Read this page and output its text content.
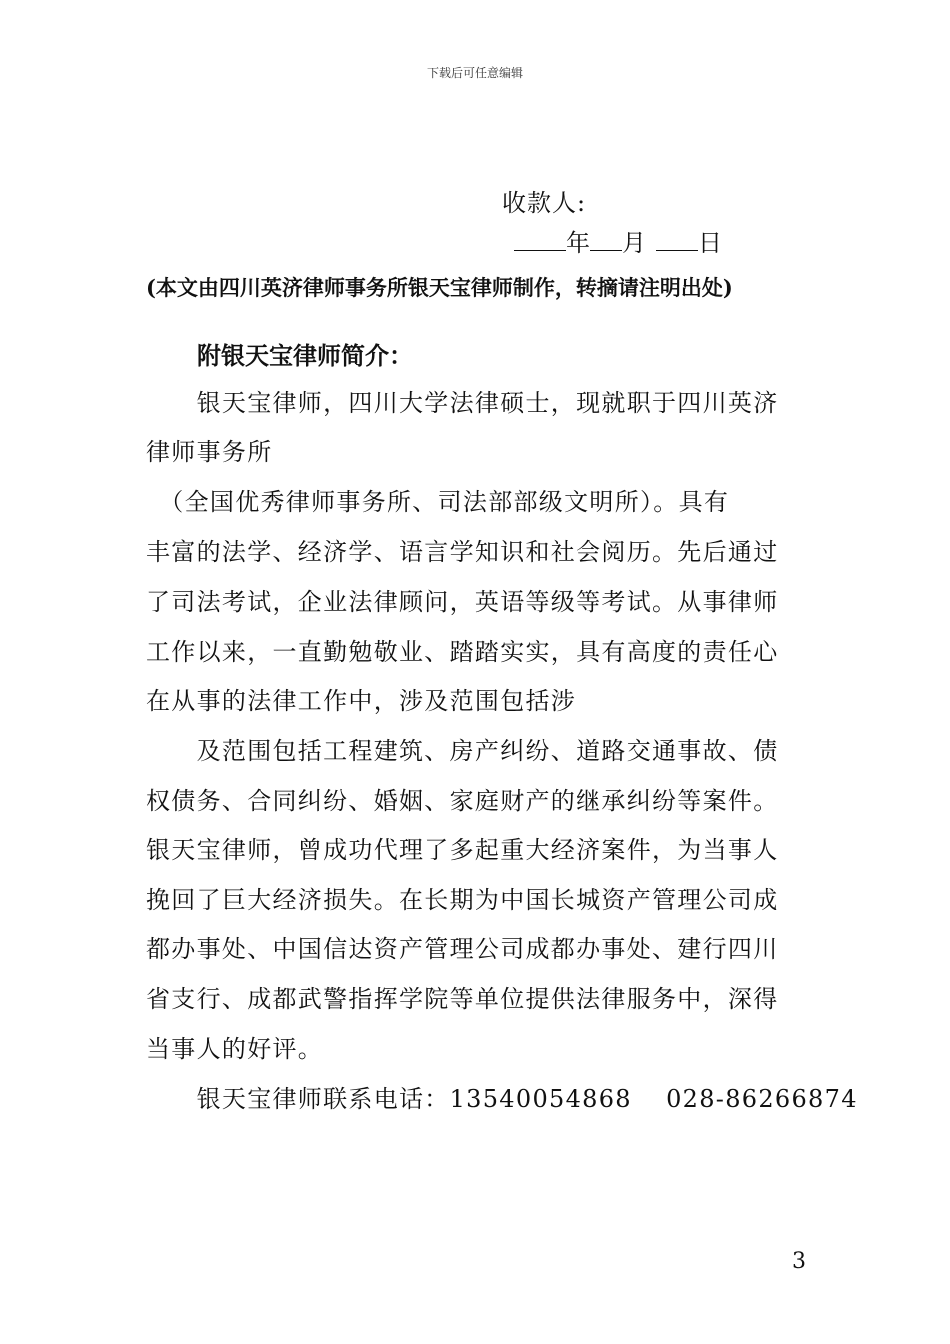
下载后可任意编辑
收款人:
年 月 日
(本文由四川英济律师事务所银天宝律师制作，转摘请注明出处)
附银天宝律师简介：
　　银天宝律师，四川大学法律硕士，现就职于四川英济
律师事务所
　（全国优秀律师事务所、司法部部级文明所）。具有
丰富的法学、经济学、语言学知识和社会阅历。先后通过
了司法考试，企业法律顾问，英语等级等考试。从事律师
工作以来，一直勤勉敬业、踏踏实实，具有高度的责任心
在从事的法律工作中，涉及范围包括涉
　　及范围包括工程建筑、房产纠纷、道路交通事故、债
权债务、合同纠纷、婚姻、家庭财产的继承纠纷等案件。
银天宝律师，曾成功代理了多起重大经济案件，为当事人
挽回了巨大经济损失。在长期为中国长城资产管理公司成
都办事处、中国信达资产管理公司成都办事处、建行四川
省支行、成都武警指挥学院等单位提供法律服务中，深得
当事人的好评。
　　银天宝律师联系电话：13540054868　 028-86266874
3
